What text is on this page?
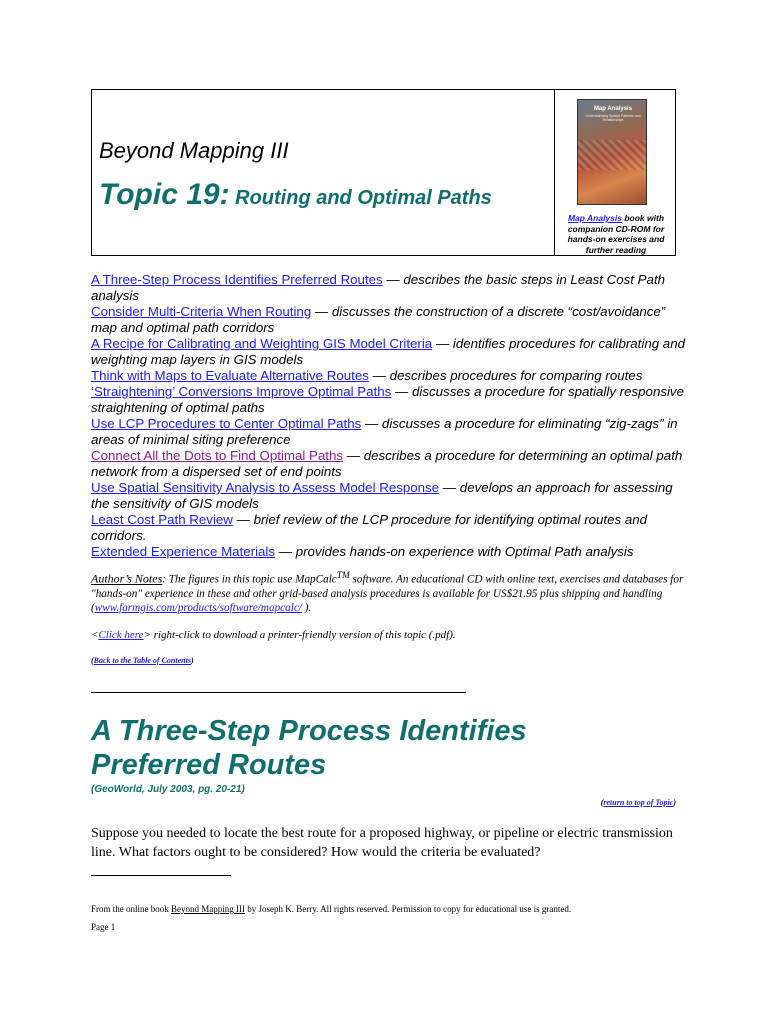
Beyond Mapping III
Topic 19: Routing and Optimal Paths
Map Analysis
Understanding Spatial Patterns and Relationships
Map Analysis book with companion CD-ROM for hands-on exercises and further reading

A Three-Step Process Identifies Preferred Routes — describes the basic steps in Least Cost Path analysis

Consider Multi-Criteria When Routing — discusses the construction of a discrete “cost/avoidance” map and optimal path corridors

A Recipe for Calibrating and Weighting GIS Model Criteria — identifies procedures for calibrating and weighting map layers in GIS models

Think with Maps to Evaluate Alternative Routes — describes procedures for comparing routes

‘Straightening’ Conversions Improve Optimal Paths — discusses a procedure for spatially responsive straightening of optimal paths

Use LCP Procedures to Center Optimal Paths — discusses a procedure for eliminating “zig-zags” in areas of minimal siting preference

Connect All the Dots to Find Optimal Paths — describes a procedure for determining an optimal path network from a dispersed set of end points

Use Spatial Sensitivity Analysis to Assess Model Response — develops an approach for assessing the sensitivity of GIS models

Least Cost Path Review — brief review of the LCP procedure for identifying optimal routes and corridors.

Extended Experience Materials — provides hands-on experience with Optimal Path analysis

Author’s Notes: The figures in this topic use MapCalc™ software. An educational CD with online text, exercises and databases for "hands-on" experience in these and other grid-based analysis procedures is available for US$21.95 plus shipping and handling (www.farmgis.com/products/software/mapcalc/ ).
<Click here> right-click to download a printer-friendly version of this topic (.pdf).
(Back to the Table of Contents)
A Three-Step Process Identifies Preferred Routes
(GeoWorld, July 2003, pg. 20-21)
(return to top of Topic)
Suppose you needed to locate the best route for a proposed highway, or pipeline or electric transmission line. What factors ought to be considered? How would the criteria be evaluated?
From the online book Beyond Mapping III by Joseph K. Berry. All rights reserved. Permission to copy for educational use is granted.
Page 1
